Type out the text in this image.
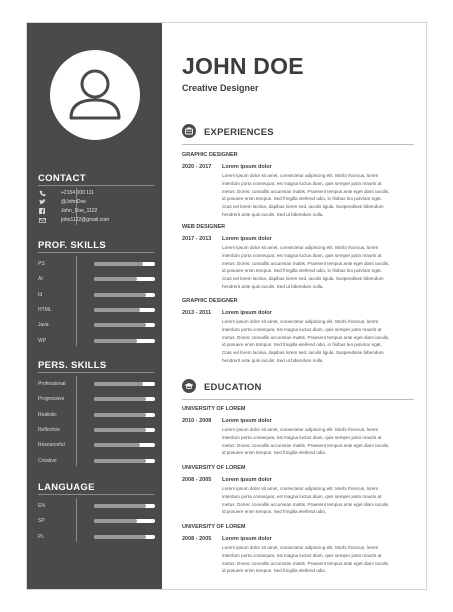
CONTACT
+2154 000 111
@JohnDoe
John_Doe_1122
john1122@gmail.com
PROF. SKILLS
PS
AI
Id
HTML
Java
WP
PERS. SKILLS
Professional
Progressive
Realistic
Reflective
Resourceful
Creative
LANGUAGE
EN
SP
PL
JOHN DOE
Creative Designer
EXPERIENCES
GRAPHIC DESIGNER
2020 - 2017 Lorem ipsum dolor
Lorem ipsum dolor sit amet, consectetur adipiscing elit. Morbi rhoncus, lorem
interdum porta consequat, est magna luctus diam, quis semper justo mauris at
metus. Donec convallis accumsan mattis. Praesent tempus ante eget diam iaculis,
id posuere enim tempus. Sed fringilla eleifend odio, in finibus leo pulvinar eget.
Cras vel lorem lacinia, dapibus lorem sed, iaculis ligula. Suspendisse bibendum
hendrerit ante quis iaculis. Sed ut bibendum nulla.
WEB DESIGNER
2017 - 2013 Lorem ipsum dolor
Lorem ipsum dolor sit amet, consectetur adipiscing elit. Morbi rhoncus, lorem
interdum porta consequat, est magna luctus diam, quis semper justo mauris at
metus. Donec convallis accumsan mattis. Praesent tempus ante eget diam iaculis,
id posuere enim tempus. Sed fringilla eleifend odio, in finibus leo pulvinar eget.
Cras vel lorem lacinia, dapibus lorem sed, iaculis ligula. Suspendisse bibendum
hendrerit ante quis iaculis. Sed ut bibendum nulla.
GRAPHIC DESIGNER
2013 - 2011 Lorem ipsum dolor
Lorem ipsum dolor sit amet, consectetur adipiscing elit. Morbi rhoncus, lorem
interdum porta consequat, est magna luctus diam, quis semper justo mauris at
metus. Donec convallis accumsan mattis. Praesent tempus ante eget diam iaculis,
id posuere enim tempus. Sed fringilla eleifend odio, in finibus leo pulvinar eget.
Cras vel lorem lacinia, dapibus lorem sed, iaculis ligula. Suspendisse bibendum
hendrerit ante quis iaculis. Sed ut bibendum nulla.
EDUCATION
UNIVERSITY OF LOREM
2010 - 2008 Lorem ipsum dolor
Lorem ipsum dolor sit amet, consectetur adipiscing elit. Morbi rhoncus, lorem
interdum porta consequat, est magna luctus diam, quis semper justo mauris at
metus. Donec convallis accumsan mattis. Praesent tempus ante eget diam iaculis,
id posuere enim tempus. Sed fringilla eleifend odio.
UNIVERSITY OF LOREM
2008 - 2005 Lorem ipsum dolor
Lorem ipsum dolor sit amet, consectetur adipiscing elit. Morbi rhoncus, lorem
interdum porta consequat, est magna luctus diam, quis semper justo mauris at
metus. Donec convallis accumsan mattis. Praesent tempus ante eget diam iaculis,
id posuere enim tempus. Sed fringilla eleifend odio.
UNIVERSITY OF LOREM
2008 - 2005 Lorem ipsum dolor
Lorem ipsum dolor sit amet, consectetur adipiscing elit. Morbi rhoncus, lorem
interdum porta consequat, est magna luctus diam, quis semper justo mauris at
metus. Donec convallis accumsan mattis. Praesent tempus ante eget diam iaculis,
id posuere enim tempus. Sed fringilla eleifend odio.
